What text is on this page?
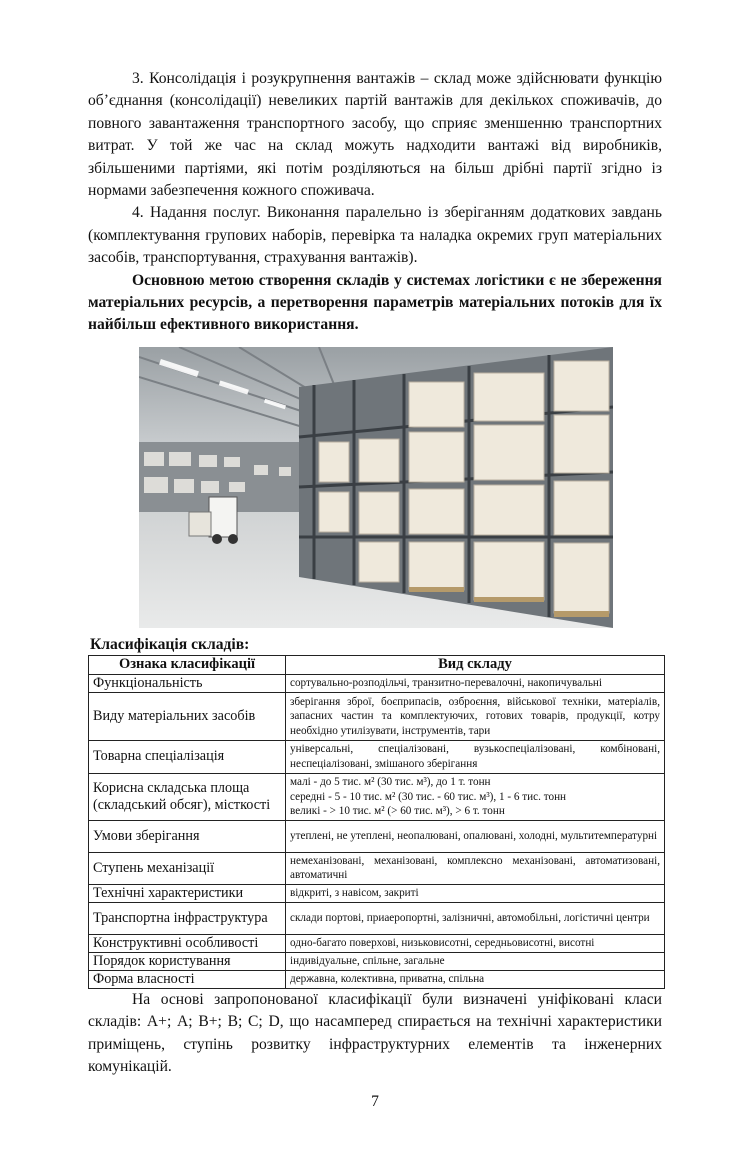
3. Консолідація і розукрупнення вантажів – склад може здійснювати функцію об’єднання (консолідації) невеликих партій вантажів для декількох споживачів, до повного завантаження транспортного засобу, що сприяє зменшенню транспортних витрат. У той же час на склад можуть надходити вантажі від виробників, збільшеними партіями, які потім розділяються на більш дрібні партії згідно із нормами забезпечення кожного споживача.

4. Надання послуг. Виконання паралельно із зберіганням додаткових завдань (комплектування групових наборів, перевірка та наладка окремих груп матеріальних засобів, транспортування, страхування вантажів).

Основною метою створення складів у системах логістики є не збереження матеріальних ресурсів, а перетворення параметрів матеріальних потоків для їх найбільш ефективного використання.

Класифікація складів:
Ознака класифікації	Вид складу
Функціональність	сортувально-розподільчі, транзитно-перевалочні, накопичувальні
Виду матеріальних засобів	зберігання зброї, боєприпасів, озброєння, військової техніки, матеріалів, запасних частин та комплектуючих, готових товарів, продукції, котру необхідно утилізувати, інструментів, тари
Товарна спеціалізація	універсальні, спеціалізовані, вузькоспеціалізовані, комбіновані, неспеціалізовані, змішаного зберігання
Корисна складська площа (складський обсяг), місткості	малі - до 5 тис. м² (30 тис. м³), до 1 т. тонн
середні - 5 - 10 тис. м² (30 тис. - 60 тис. м³), 1 - 6 тис. тонн
великі - > 10 тис. м² (> 60 тис. м³), > 6 т. тонн
Умови зберігання	утеплені, не утеплені, неопалювані, опалювані, холодні, мультитемпературні
Ступень механізації	немеханізовані, механізовані, комплексно механізовані, автоматизовані, автоматичні
Технічні характеристики	відкриті, з навісом, закриті
Транспортна інфраструктура	склади портові, приаеропортні, залізничні, автомобільні, логістичні центри
Конструктивні особливості	одно-багато поверхові, низьковисотні, середньовисотні, висотні
Порядок користування	індивідуальне, спільне, загальне
Форма власності	державна, колективна, приватна, спільна

На основі запропонованої класифікації були визначені уніфіковані класи складів: А+; А; В+; В; С; D, що насамперед спирається на технічні характеристики приміщень, ступінь розвитку інфраструктурних елементів та інженерних комунікацій.

7
